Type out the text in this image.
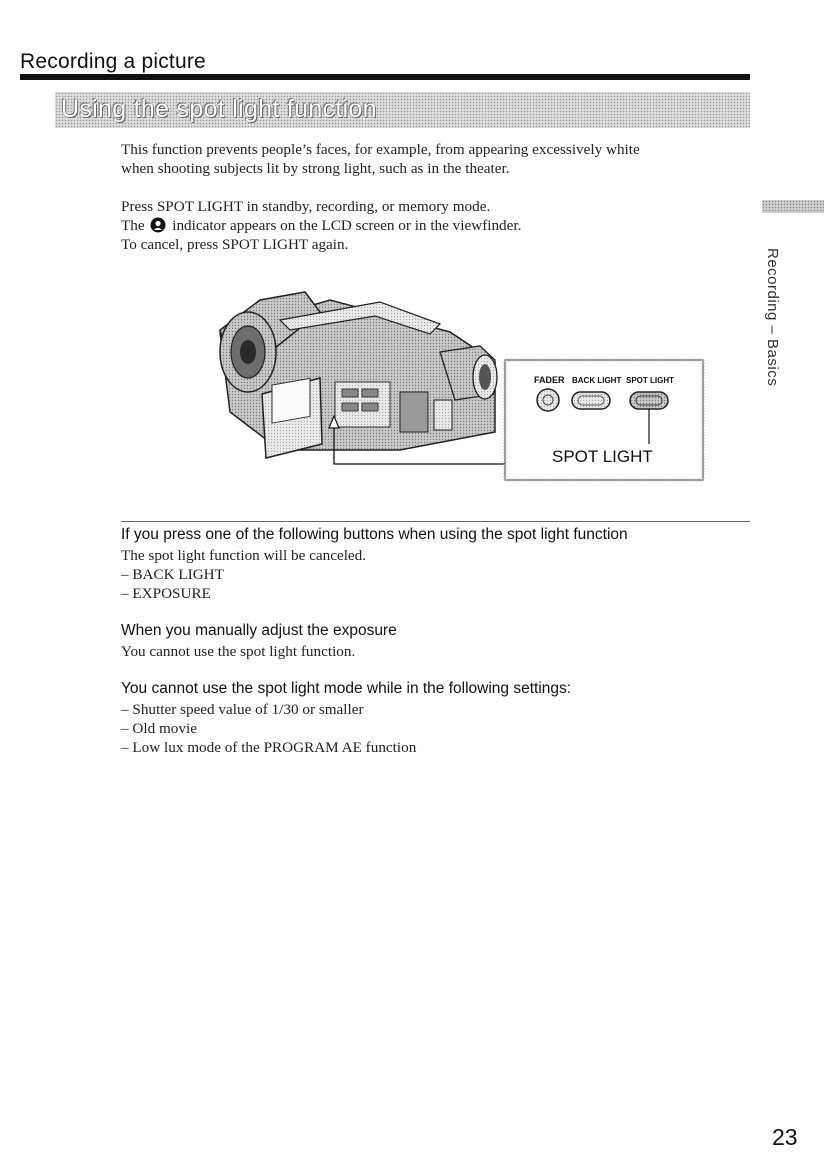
Recording a picture
Using the spot light function
This function prevents people’s faces, for example, from appearing excessively white
when shooting subjects lit by strong light, such as in the theater.
Press SPOT LIGHT in standby, recording, or memory mode.
The indicator appears on the LCD screen or in the viewfinder.
To cancel, press SPOT LIGHT again.
Recording – Basics
FADER BACK LIGHT SPOT LIGHT
SPOT LIGHT
If you press one of the following buttons when using the spot light function
The spot light function will be canceled.
– BACK LIGHT
– EXPOSURE
When you manually adjust the exposure
You cannot use the spot light function.
You cannot use the spot light mode while in the following settings:
– Shutter speed value of 1/30 or smaller
– Old movie
– Low lux mode of the PROGRAM AE function
23
